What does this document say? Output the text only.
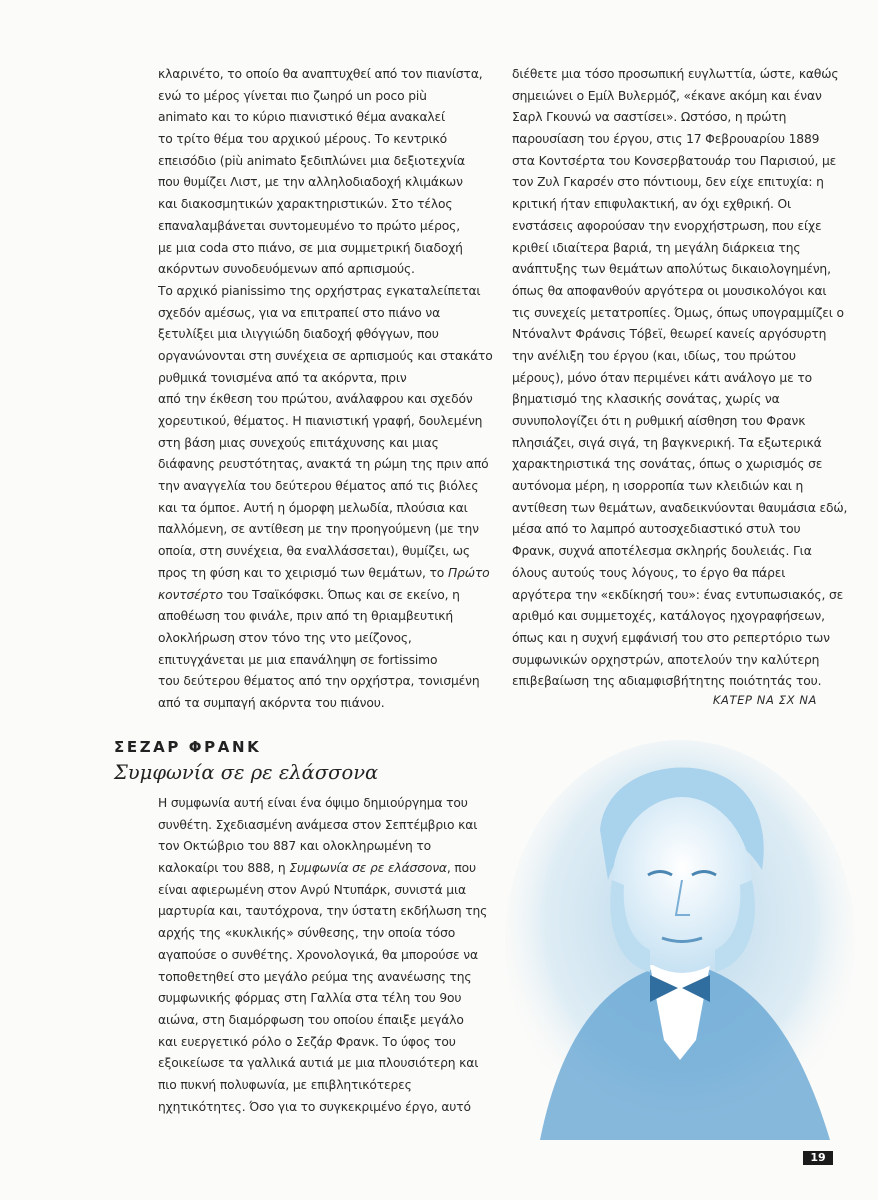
κλαρινέτο, το οποίο θα αναπτυχθεί από τον πιανίστα,
ενώ το μέρος γίνεται πιο ζωηρό un poco più
animato και το κύριο πιανιστικό θέμα ανακαλεί
το τρίτο θέμα του αρχικού μέρους. Το κεντρικό
επεισόδιο (più animato ξεδιπλώνει μια δεξιοτεχνία
που θυμίζει Λιστ, με την αλληλοδιαδοχή κλιμάκων
και διακοσμητικών χαρακτηριστικών. Στο τέλος
επαναλαμβάνεται συντομευμένο το πρώτο μέρος,
με μια coda στο πιάνο, σε μια συμμετρική διαδοχή
ακόρντων συνοδευόμενων από αρπισμούς.
Το αρχικό pianissimo της ορχήστρας εγκαταλείπεται
σχεδόν αμέσως, για να επιτραπεί στο πιάνο να
ξετυλίξει μια ιλιγγιώδη διαδοχή φθόγγων, που
οργανώνονται στη συνέχεια σε αρπισμούς και στακάτο
ρυθμικά τονισμένα από τα ακόρντα, πριν
από την έκθεση του πρώτου, ανάλαφρου και σχεδόν
χορευτικού, θέματος. Η πιανιστική γραφή, δουλεμένη
στη βάση μιας συνεχούς επιτάχυνσης και μιας
διάφανης ρευστότητας, ανακτά τη ρώμη της πριν από
την αναγγελία του δεύτερου θέματος από τις βιόλες
και τα όμποε. Αυτή η όμορφη μελωδία, πλούσια και
παλλόμενη, σε αντίθεση με την προηγούμενη (με την
οποία, στη συνέχεια, θα εναλλάσσεται), θυμίζει, ως
προς τη φύση και το χειρισμό των θεμάτων, το Πρώτο
κοντσέρτο του Τσαϊκόφσκι. Όπως και σε εκείνο, η
αποθέωση του φινάλε, πριν από τη θριαμβευτική
ολοκλήρωση στον τόνο της ντο μείζονος,
επιτυγχάνεται με μια επανάληψη σε fortissimo
του δεύτερου θέματος από την ορχήστρα, τονισμένη
από τα συμπαγή ακόρντα του πιάνου.
διέθετε μια τόσο προσωπική ευγλωττία, ώστε, καθώς
σημειώνει ο Εμίλ Βυλερμόζ, «έκανε ακόμη και έναν
Σαρλ Γκουνώ να σαστίσει». Ωστόσο, η πρώτη
παρουσίαση του έργου, στις 17 Φεβρουαρίου 1889
στα Κοντσέρτα του Κονσερβατουάρ του Παρισιού, με
τον Ζυλ Γκαρσέν στο πόντιουμ, δεν είχε επιτυχία: η
κριτική ήταν επιφυλακτική, αν όχι εχθρική. Οι
ενστάσεις αφορούσαν την ενορχήστρωση, που είχε
κριθεί ιδιαίτερα βαριά, τη μεγάλη διάρκεια της
ανάπτυξης των θεμάτων απολύτως δικαιολογημένη,
όπως θα αποφανθούν αργότερα οι μουσικολόγοι και
τις συνεχείς μετατροπίες. Όμως, όπως υπογραμμίζει ο
Ντόναλντ Φράνσις Τόβεϊ, θεωρεί κανείς αργόσυρτη
την ανέλιξη του έργου (και, ιδίως, του πρώτου
μέρους), μόνο όταν περιμένει κάτι ανάλογο με το
βηματισμό της κλασικής σονάτας, χωρίς να
συνυπολογίζει ότι η ρυθμική αίσθηση του Φρανκ
πλησιάζει, σιγά σιγά, τη βαγκνερική. Τα εξωτερικά
χαρακτηριστικά της σονάτας, όπως ο χωρισμός σε
αυτόνομα μέρη, η ισορροπία των κλειδιών και η
αντίθεση των θεμάτων, αναδεικνύονται θαυμάσια εδώ,
μέσα από το λαμπρό αυτοσχεδιαστικό στυλ του
Φρανκ, συχνά αποτέλεσμα σκληρής δουλειάς. Για
όλους αυτούς τους λόγους, το έργο θα πάρει
αργότερα την «εκδίκησή του»: ένας εντυπωσιακός, σε
αριθμό και συμμετοχές, κατάλογος ηχογραφήσεων,
όπως και η συχνή εμφάνισή του στο ρεπερτόριο των
συμφωνικών ορχηστρών, αποτελούν την καλύτερη
επιβεβαίωση της αδιαμφισβήτητης ποιότητάς του.
ΚΑΤΕΡ ΝΑ ΣΧ ΝΑ
ΣΕΖΑΡ ΦΡΑΝΚ
Συμφωνία σε ρε ελάσσονα
Η συμφωνία αυτή είναι ένα όψιμο δημιούργημα του
συνθέτη. Σχεδιασμένη ανάμεσα στον Σεπτέμβριο και
τον Οκτώβριο του 887 και ολοκληρωμένη το
καλοκαίρι του 888, η Συμφωνία σε ρε ελάσσονα, που
είναι αφιερωμένη στον Ανρύ Ντυπάρκ, συνιστά μια
μαρτυρία και, ταυτόχρονα, την ύστατη εκδήλωση της
αρχής της «κυκλικής» σύνθεσης, την οποία τόσο
αγαπούσε ο συνθέτης. Χρονολογικά, θα μπορούσε να
τοποθετηθεί στο μεγάλο ρεύμα της ανανέωσης της
συμφωνικής φόρμας στη Γαλλία στα τέλη του 9ου
αιώνα, στη διαμόρφωση του οποίου έπαιξε μεγάλο
και ευεργετικό ρόλο ο Σεζάρ Φρανκ. Το ύφος του
εξοικείωσε τα γαλλικά αυτιά με μια πλουσιότερη και
πιο πυκνή πολυφωνία, με επιβλητικότερες
ηχητικότητες. Όσο για το συγκεκριμένο έργο, αυτό
19
